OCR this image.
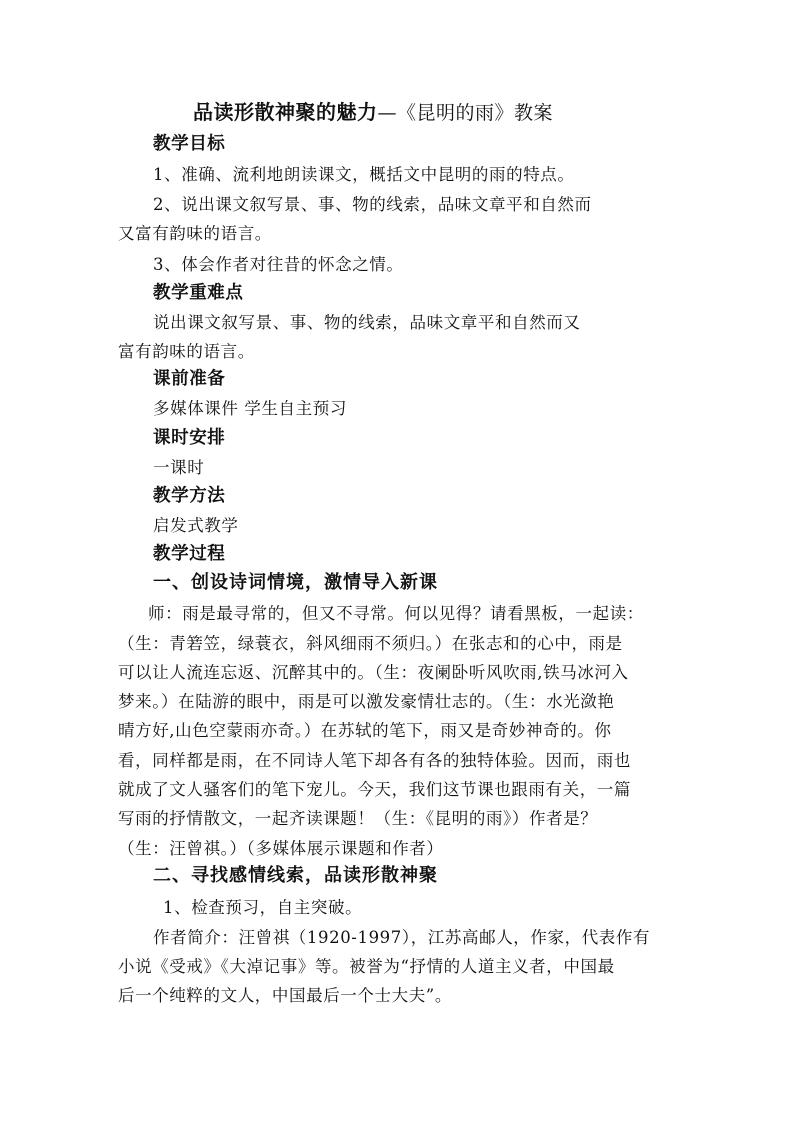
品读形散神聚的魅力—《昆明的雨》教案
教学目标
1、准确、流利地朗读课文，概括文中昆明的雨的特点。
2、说出课文叙写景、事、物的线索，品味文章平和自然而
又富有韵味的语言。
3、体会作者对往昔的怀念之情。
教学重难点
说出课文叙写景、事、物的线索，品味文章平和自然而又
富有韵味的语言。
课前准备
多媒体课件 学生自主预习
课时安排
一课时
教学方法
启发式教学
教学过程
一、创设诗词情境，激情导入新课
师：雨是最寻常的，但又不寻常。何以见得？请看黑板，一起读：
（生：青箬笠，绿蓑衣，斜风细雨不须归。）在张志和的心中，雨是
可以让人流连忘返、沉醉其中的。（生：夜阑卧听风吹雨,铁马冰河入
梦来。）在陆游的眼中，雨是可以激发豪情壮志的。（生：水光潋艳
晴方好,山色空蒙雨亦奇。）在苏轼的笔下，雨又是奇妙神奇的。你
看，同样都是雨，在不同诗人笔下却各有各的独特体验。因而，雨也
就成了文人骚客们的笔下宠儿。今天，我们这节课也跟雨有关，一篇
写雨的抒情散文，一起齐读课题！（生：《昆明的雨》）作者是？
（生：汪曾祺。）（多媒体展示课题和作者）
二、寻找感情线索，品读形散神聚
1、检查预习，自主突破。
作者简介：汪曾祺（1920-1997），江苏高邮人，作家，代表作有
小说《受戒》《大淖记事》等。被誉为“抒情的人道主义者，中国最
后一个纯粹的文人，中国最后一个士大夫”。
